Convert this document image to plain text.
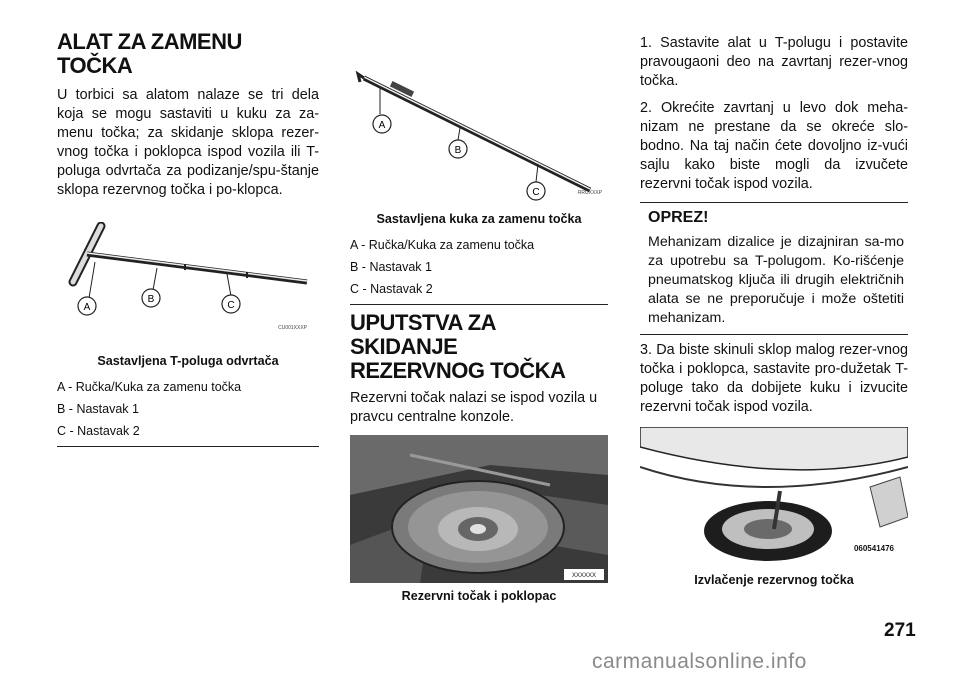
ALAT ZA ZAMENU TOČKA

U torbici sa alatom nalaze se tri dela koja se mogu sastaviti u kuku za za-menu točka; za skidanje sklopa rezer-vnog točka i poklopca ispod vozila ili T-poluga odvrtača za podizanje/spu-štanje sklopa rezervnog točka i po-klopca.

A
B
C
CU001XXXP
Sastavljena T-poluga odvrtača
A - Ručka/Kuka za zamenu točka
B - Nastavak 1
C - Nastavak 2
A
B
C	RRUXXXP
Sastavljena kuka za zamenu točka
A - Ručka/Kuka za zamenu točka
B - Nastavak 1
C - Nastavak 2
UPUTSTVA ZA SKIDANJE
REZERVNOG TOČKA

Rezervni točak nalazi se ispod vozila u pravcu centralne konzole.

XXXXXX
Rezervni točak i poklopac

1. Sastavite alat u T-polugu i postavite pravougaoni deo na zavrtanj rezer-vnog točka.

2. Okrećite zavrtanj u levo dok meha-nizam ne prestane da se okreće slo-bodno. Na taj način ćete dovoljno iz-vući sajlu kako biste mogli da izvučete rezervni točak ispod vozila.

OPREZ!

Mehanizam dizalice je dizajniran sa-mo za upotrebu sa T-polugom. Ko-rišćenje pneumatskog ključa ili drugih električnih alata se ne preporučuje i može oštetiti mehanizam.

3. Da biste skinuli sklop malog rezer-vnog točka i poklopca, sastavite pro-dužetak T-poluge tako da dobijete kuku i izvucite rezervni točak ispod vozila.

060541476
Izvlačenje rezervnog točka
271
carmanualsonline.info
